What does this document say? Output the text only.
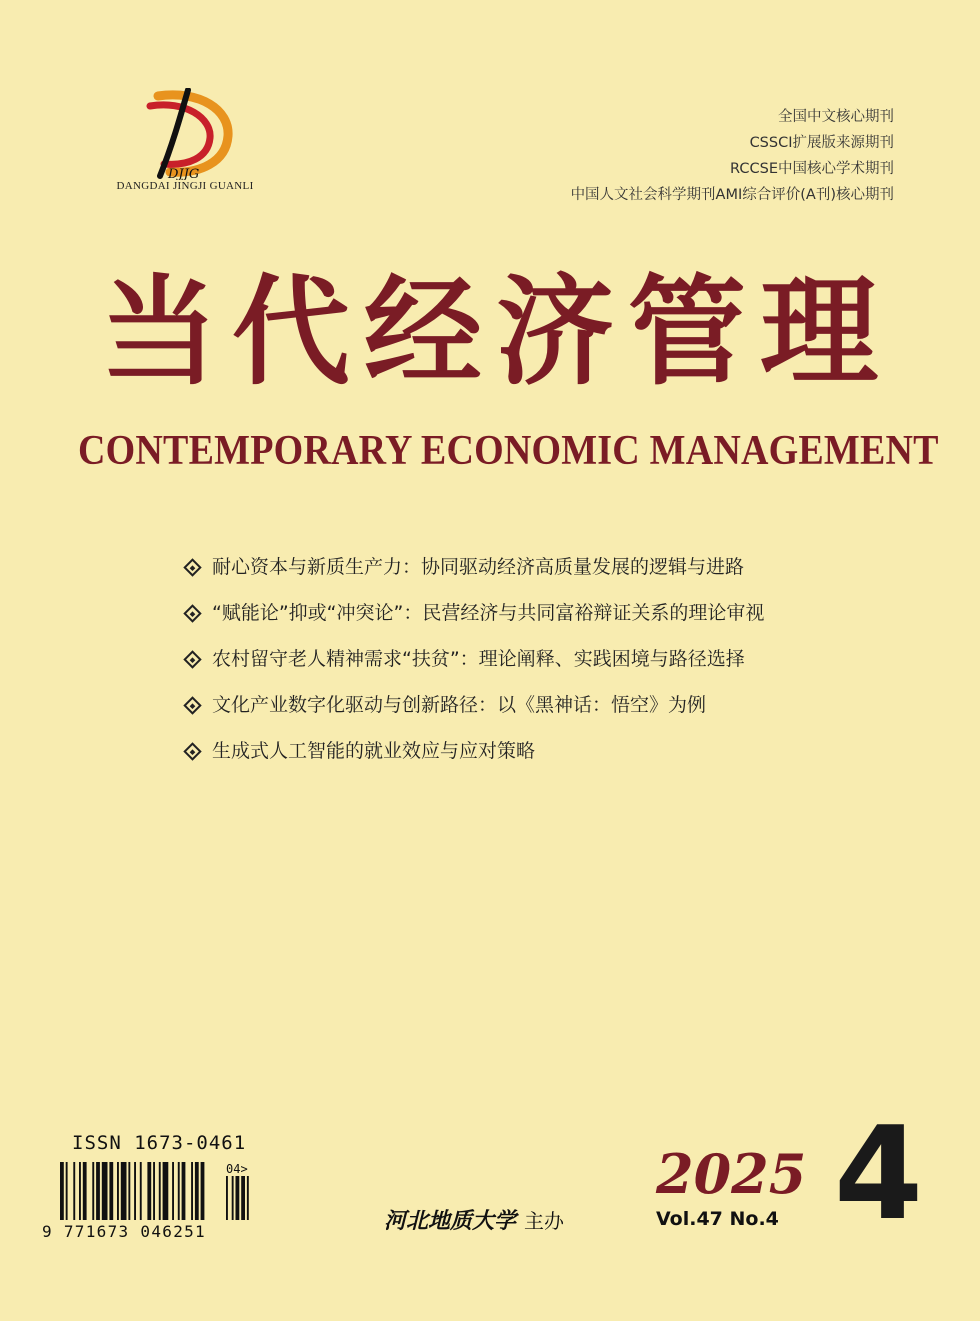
DJJG
DANGDAI JINGJI GUANLI
全国中文核心期刊
CSSCI扩展版来源期刊
RCCSE中国核心学术期刊
中国人文社会科学期刊AMI综合评价(A刊)核心期刊
当代经济管理
CONTEMPORARY ECONOMIC MANAGEMENT
耐心资本与新质生产力：协同驱动经济高质量发展的逻辑与进路
“赋能论”抑或“冲突论”：民营经济与共同富裕辩证关系的理论审视
农村留守老人精神需求“扶贫”：理论阐释、实践困境与路径选择
文化产业数字化驱动与创新路径：以《黑神话：悟空》为例
生成式人工智能的就业效应与应对策略
ISSN 1673-0461
04>
9 771673 046251	河北地质大学 主办
2025
Vol.47 No.4 4
